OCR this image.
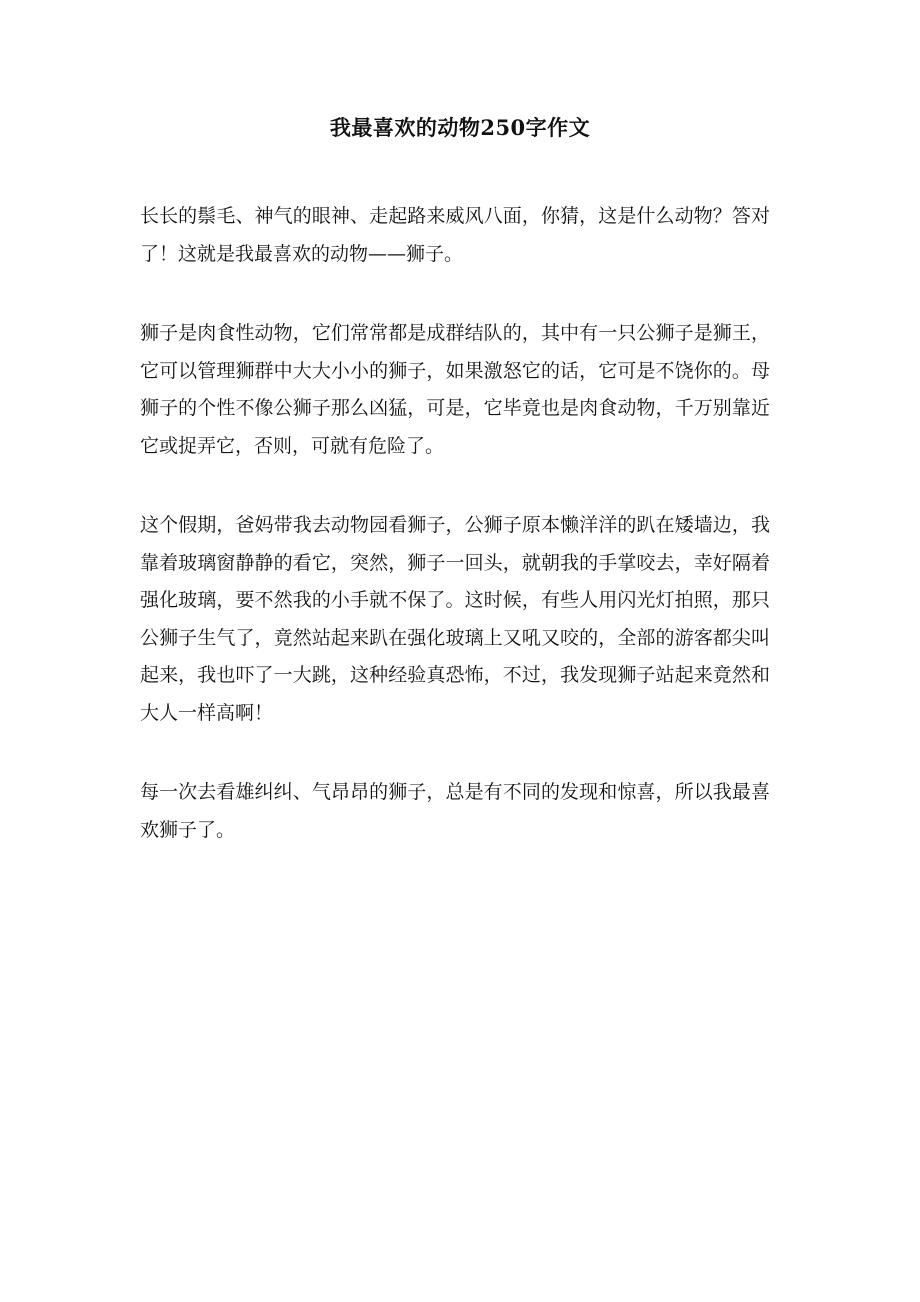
我最喜欢的动物250字作文

长长的鬃毛、神气的眼神、走起路来威风八面，你猜，这是什么动物？答对了！这就是我最喜欢的动物——狮子。

狮子是肉食性动物，它们常常都是成群结队的，其中有一只公狮子是狮王，它可以管理狮群中大大小小的狮子，如果激怒它的话，它可是不饶你的。母狮子的个性不像公狮子那么凶猛，可是，它毕竟也是肉食动物，千万别靠近它或捉弄它，否则，可就有危险了。

这个假期，爸妈带我去动物园看狮子，公狮子原本懒洋洋的趴在矮墙边，我靠着玻璃窗静静的看它，突然，狮子一回头，就朝我的手掌咬去，幸好隔着强化玻璃，要不然我的小手就不保了。这时候，有些人用闪光灯拍照，那只公狮子生气了，竟然站起来趴在强化玻璃上又吼又咬的，全部的游客都尖叫起来，我也吓了一大跳，这种经验真恐怖，不过，我发现狮子站起来竟然和大人一样高啊！

每一次去看雄纠纠、气昂昂的狮子，总是有不同的发现和惊喜，所以我最喜欢狮子了。
